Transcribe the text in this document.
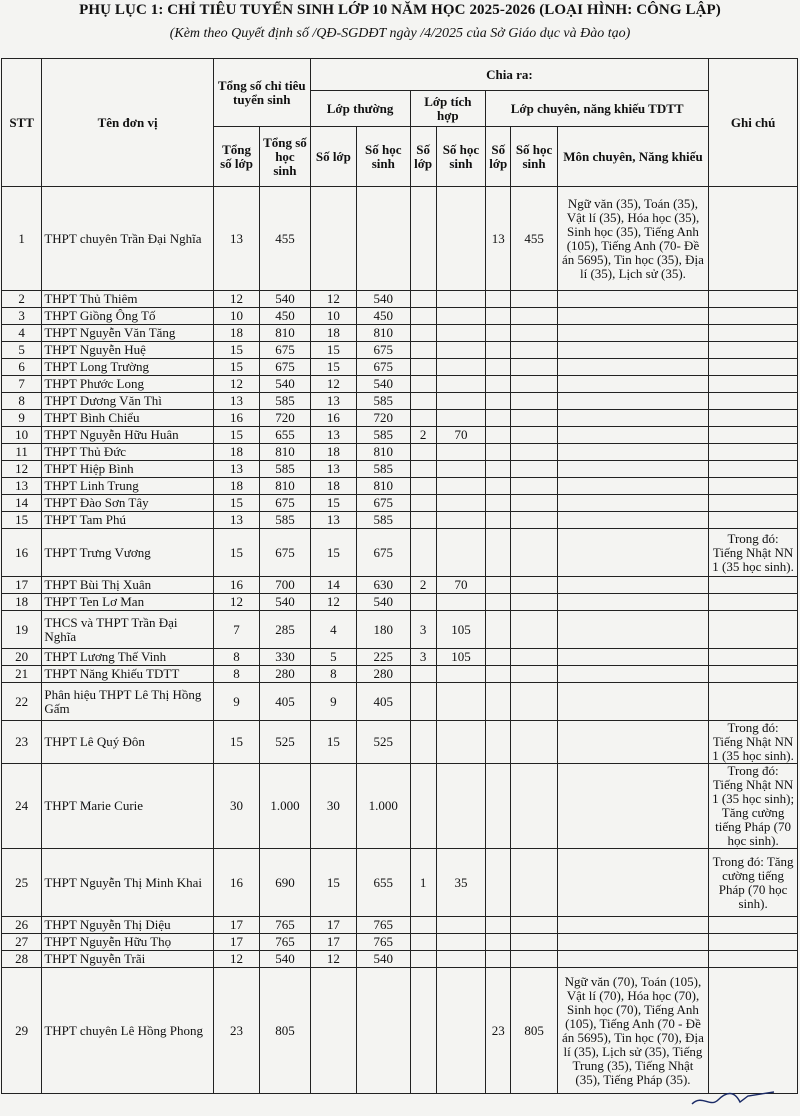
PHỤ LỤC 1: CHỈ TIÊU TUYỂN SINH LỚP 10 NĂM HỌC 2025-2026 (LOẠI HÌNH: CÔNG LẬP)
(Kèm theo Quyết định số /QĐ-SGDĐT ngày /4/2025 của Sở Giáo dục và Đào tạo)
STT	Tên đơn vị	Tổng số chỉ tiêu tuyển sinh		Chia ra:							Ghi chú
				Lớp thường		Lớp tích hợp		Lớp chuyên, năng khiếu TDTT			
		Tổng số lớp	Tổng số học sinh	Số lớp	Số học sinh	Số lớp	Số học sinh	Số lớp	Số học sinh	Môn chuyên, Năng khiếu	
1	THPT chuyên Trần Đại Nghĩa	13	455					13	455	Ngữ văn (35), Toán (35), Vật lí (35), Hóa học (35), Sinh học (35), Tiếng Anh (105), Tiếng Anh (70- Đề án 5695), Tin học (35), Địa lí (35), Lịch sử (35).	
2	THPT Thủ Thiêm	12	540	12	540						
3	THPT Giồng Ông Tố	10	450	10	450						
4	THPT Nguyễn Văn Tăng	18	810	18	810						
5	THPT Nguyễn Huệ	15	675	15	675						
6	THPT Long Trường	15	675	15	675						
7	THPT Phước Long	12	540	12	540						
8	THPT Dương Văn Thì	13	585	13	585						
9	THPT Bình Chiểu	16	720	16	720						
10	THPT Nguyễn Hữu Huân	15	655	13	585	2	70				
11	THPT Thủ Đức	18	810	18	810						
12	THPT Hiệp Bình	13	585	13	585						
13	THPT Linh Trung	18	810	18	810						
14	THPT Đào Sơn Tây	15	675	15	675						
15	THPT Tam Phú	13	585	13	585						
16	THPT Trưng Vương	15	675	15	675						Trong đó: Tiếng Nhật NN 1 (35 học sinh).
17	THPT Bùi Thị Xuân	16	700	14	630	2	70				
18	THPT Ten Lơ Man	12	540	12	540						
19	THCS và THPT Trần Đại Nghĩa	7	285	4	180	3	105				
20	THPT Lương Thế Vinh	8	330	5	225	3	105				
21	THPT Năng Khiếu TDTT	8	280	8	280						
22	Phân hiệu THPT Lê Thị Hồng Gấm	9	405	9	405						
23	THPT Lê Quý Đôn	15	525	15	525						Trong đó: Tiếng Nhật NN 1 (35 học sinh).
24	THPT Marie Curie	30	1.000	30	1.000						Trong đó: Tiếng Nhật NN 1 (35 học sinh); Tăng cường tiếng Pháp (70 học sinh).
25	THPT Nguyễn Thị Minh Khai	16	690	15	655	1	35				Trong đó: Tăng cường tiếng Pháp (70 học sinh).
26	THPT Nguyễn Thị Diệu	17	765	17	765						
27	THPT Nguyễn Hữu Thọ	17	765	17	765						
28	THPT Nguyễn Trãi	12	540	12	540						
29	THPT chuyên Lê Hồng Phong	23	805					23	805	Ngữ văn (70), Toán (105), Vật lí (70), Hóa học (70), Sinh học (70), Tiếng Anh (105), Tiếng Anh (70 - Đề án 5695), Tin học (70), Địa lí (35), Lịch sử (35), Tiếng Trung (35), Tiếng Nhật (35), Tiếng Pháp (35).	
